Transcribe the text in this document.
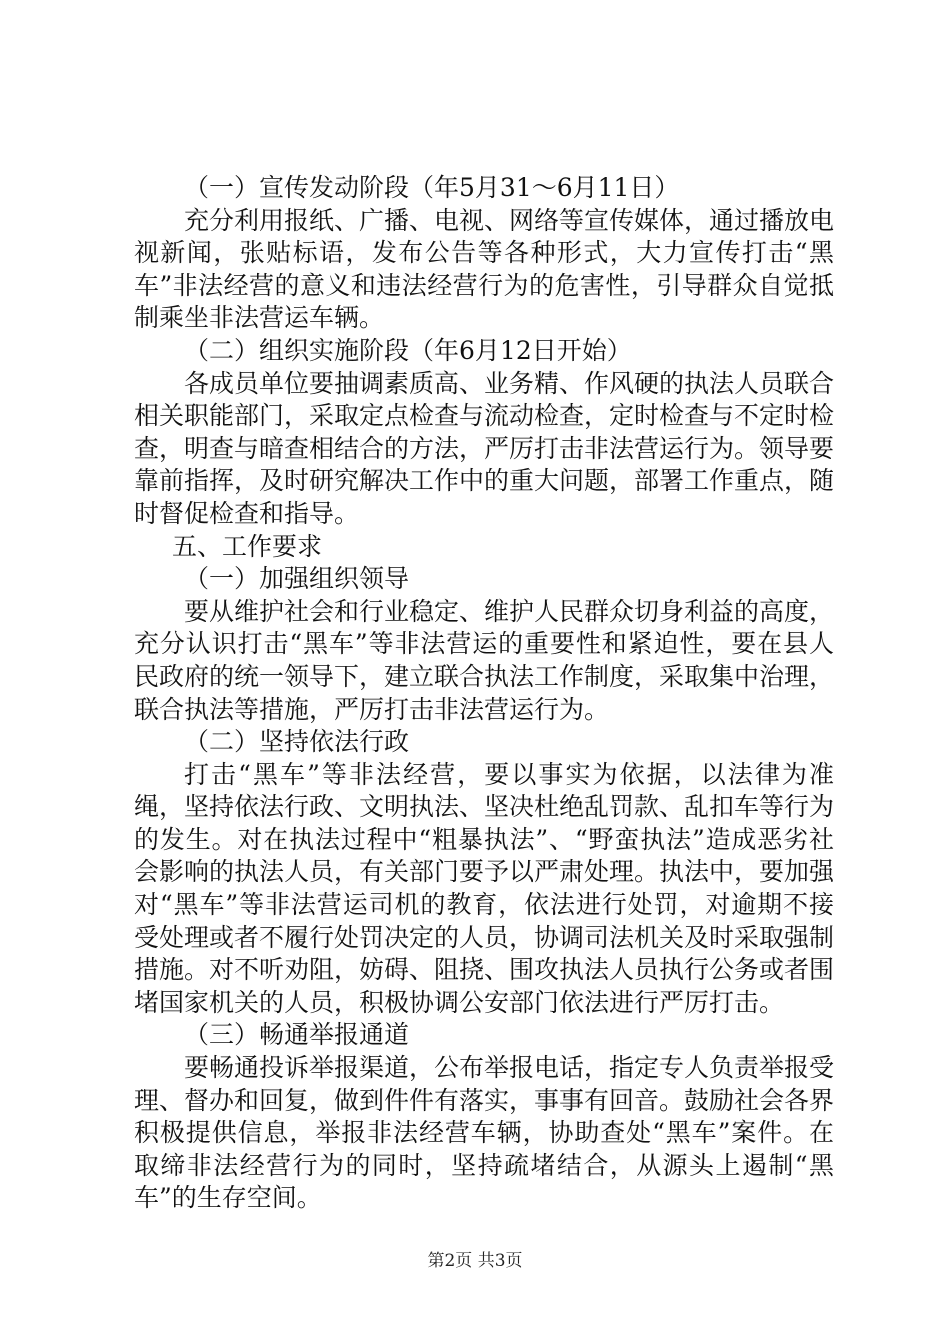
（一）宣传发动阶段（年5月31～6月11日）

充分利用报纸、广播、电视、网络等宣传媒体，通过播放电视新闻，张贴标语，发布公告等各种形式，大力宣传打击“黑车”非法经营的意义和违法经营行为的危害性，引导群众自觉抵制乘坐非法营运车辆。

（二）组织实施阶段（年6月12日开始）

各成员单位要抽调素质高、业务精、作风硬的执法人员联合相关职能部门，采取定点检查与流动检查，定时检查与不定时检查，明查与暗查相结合的方法，严厉打击非法营运行为。领导要靠前指挥，及时研究解决工作中的重大问题，部署工作重点，随时督促检查和指导。

五、工作要求

（一）加强组织领导

要从维护社会和行业稳定、维护人民群众切身利益的高度，充分认识打击“黑车”等非法营运的重要性和紧迫性，要在县人民政府的统一领导下，建立联合执法工作制度，采取集中治理，联合执法等措施，严厉打击非法营运行为。

（二）坚持依法行政

打击“黑车”等非法经营，要以事实为依据，以法律为准绳，坚持依法行政、文明执法、坚决杜绝乱罚款、乱扣车等行为的发生。对在执法过程中“粗暴执法”、“野蛮执法”造成恶劣社会影响的执法人员，有关部门要予以严肃处理。执法中，要加强对“黑车”等非法营运司机的教育，依法进行处罚，对逾期不接受处理或者不履行处罚决定的人员，协调司法机关及时采取强制措施。对不听劝阻，妨碍、阻挠、围攻执法人员执行公务或者围堵国家机关的人员，积极协调公安部门依法进行严厉打击。

（三）畅通举报通道

要畅通投诉举报渠道，公布举报电话，指定专人负责举报受理、督办和回复，做到件件有落实，事事有回音。鼓励社会各界积极提供信息，举报非法经营车辆，协助查处“黑车”案件。在取缔非法经营行为的同时，坚持疏堵结合，从源头上遏制“黑车”的生存空间。

第2页 共3页
